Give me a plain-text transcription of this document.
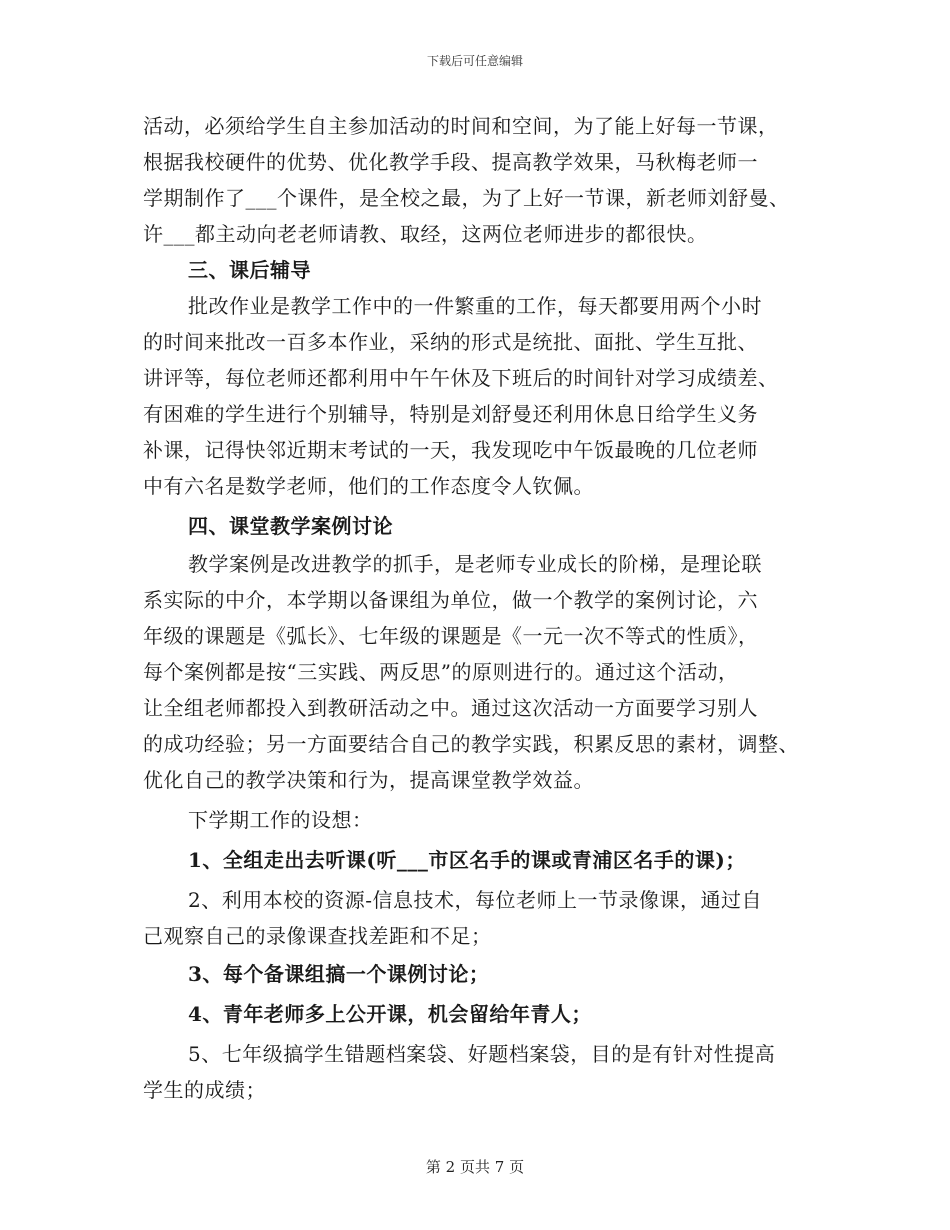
下载后可任意编辑
活动，必须给学生自主参加活动的时间和空间，为了能上好每一节课，
根据我校硬件的优势、优化教学手段、提高教学效果，马秋梅老师一
学期制作了___个课件，是全校之最，为了上好一节课，新老师刘舒曼、
许___都主动向老老师请教、取经，这两位老师进步的都很快。
三、课后辅导
批改作业是教学工作中的一件繁重的工作，每天都要用两个小时
的时间来批改一百多本作业，采纳的形式是统批、面批、学生互批、
讲评等，每位老师还都利用中午午休及下班后的时间针对学习成绩差、
有困难的学生进行个别辅导，特别是刘舒曼还利用休息日给学生义务
补课，记得快邻近期末考试的一天，我发现吃中午饭最晚的几位老师
中有六名是数学老师，他们的工作态度令人钦佩。
四、课堂教学案例讨论
教学案例是改进教学的抓手，是老师专业成长的阶梯，是理论联
系实际的中介，本学期以备课组为单位，做一个教学的案例讨论，六
年级的课题是《弧长》、七年级的课题是《一元一次不等式的性质》，
每个案例都是按“三实践、两反思”的原则进行的。通过这个活动，
让全组老师都投入到教研活动之中。通过这次活动一方面要学习别人
的成功经验；另一方面要结合自己的教学实践，积累反思的素材，调整、
优化自己的教学决策和行为，提高课堂教学效益。
下学期工作的设想：
1、全组走出去听课(听___市区名手的课或青浦区名手的课)；
2、利用本校的资源-信息技术，每位老师上一节录像课，通过自
己观察自己的录像课查找差距和不足；
3、每个备课组搞一个课例讨论；
4、青年老师多上公开课，机会留给年青人；
5、七年级搞学生错题档案袋、好题档案袋，目的是有针对性提高
学生的成绩；
第 2 页共 7 页
